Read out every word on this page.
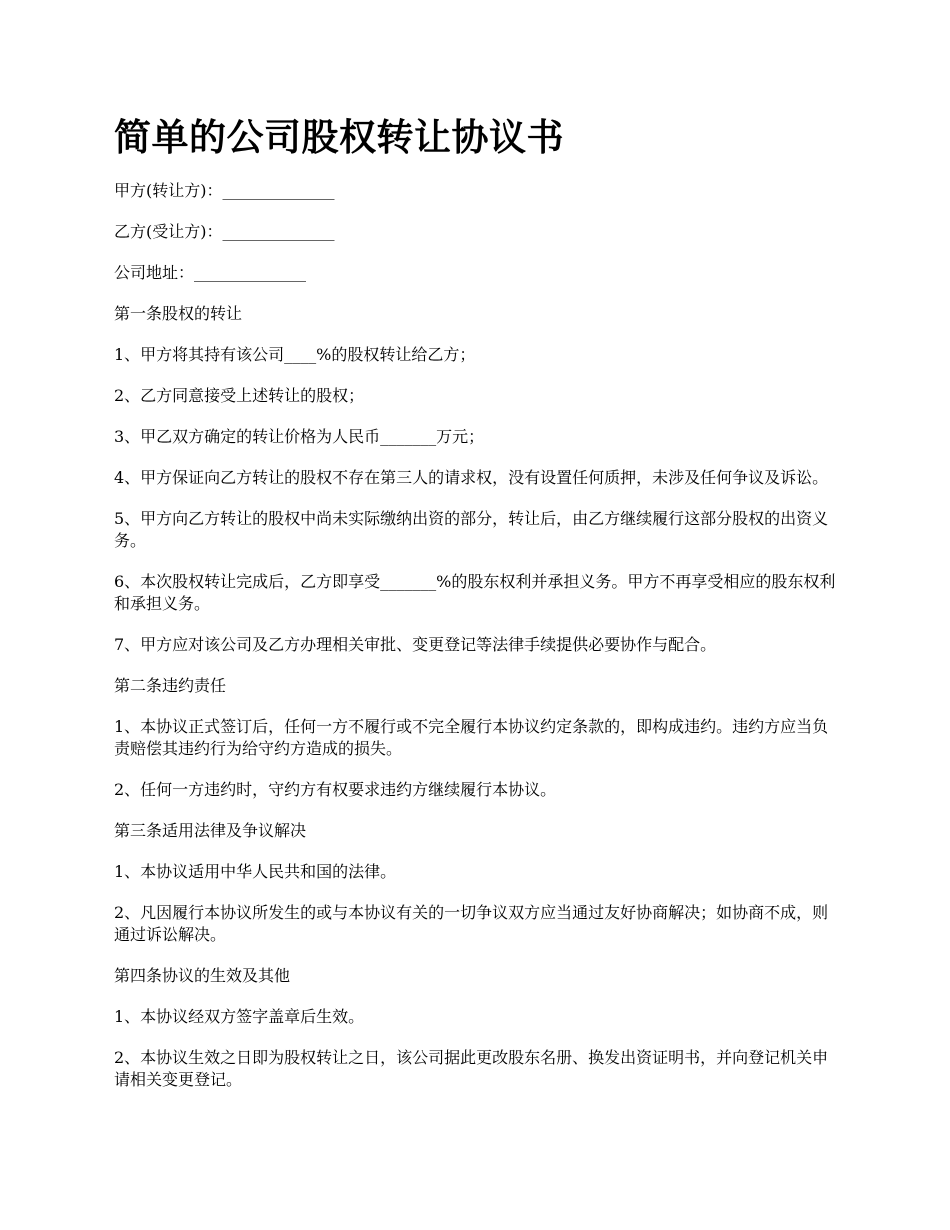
简单的公司股权转让协议书

甲方(转让方)：______________

乙方(受让方)：______________

公司地址：______________

第一条股权的转让

1、甲方将其持有该公司____%的股权转让给乙方；

2、乙方同意接受上述转让的股权；

3、甲乙双方确定的转让价格为人民币_______万元；

4、甲方保证向乙方转让的股权不存在第三人的请求权，没有设置任何质押，未涉及任何争议及诉讼。

5、甲方向乙方转让的股权中尚未实际缴纳出资的部分，转让后，由乙方继续履行这部分股权的出资义务。

6、本次股权转让完成后，乙方即享受_______%的股东权利并承担义务。甲方不再享受相应的股东权利和承担义务。

7、甲方应对该公司及乙方办理相关审批、变更登记等法律手续提供必要协作与配合。

第二条违约责任

1、本协议正式签订后，任何一方不履行或不完全履行本协议约定条款的，即构成违约。违约方应当负责赔偿其违约行为给守约方造成的损失。

2、任何一方违约时，守约方有权要求违约方继续履行本协议。

第三条适用法律及争议解决

1、本协议适用中华人民共和国的法律。

2、凡因履行本协议所发生的或与本协议有关的一切争议双方应当通过友好协商解决；如协商不成，则通过诉讼解决。

第四条协议的生效及其他

1、本协议经双方签字盖章后生效。

2、本协议生效之日即为股权转让之日，该公司据此更改股东名册、换发出资证明书，并向登记机关申请相关变更登记。
